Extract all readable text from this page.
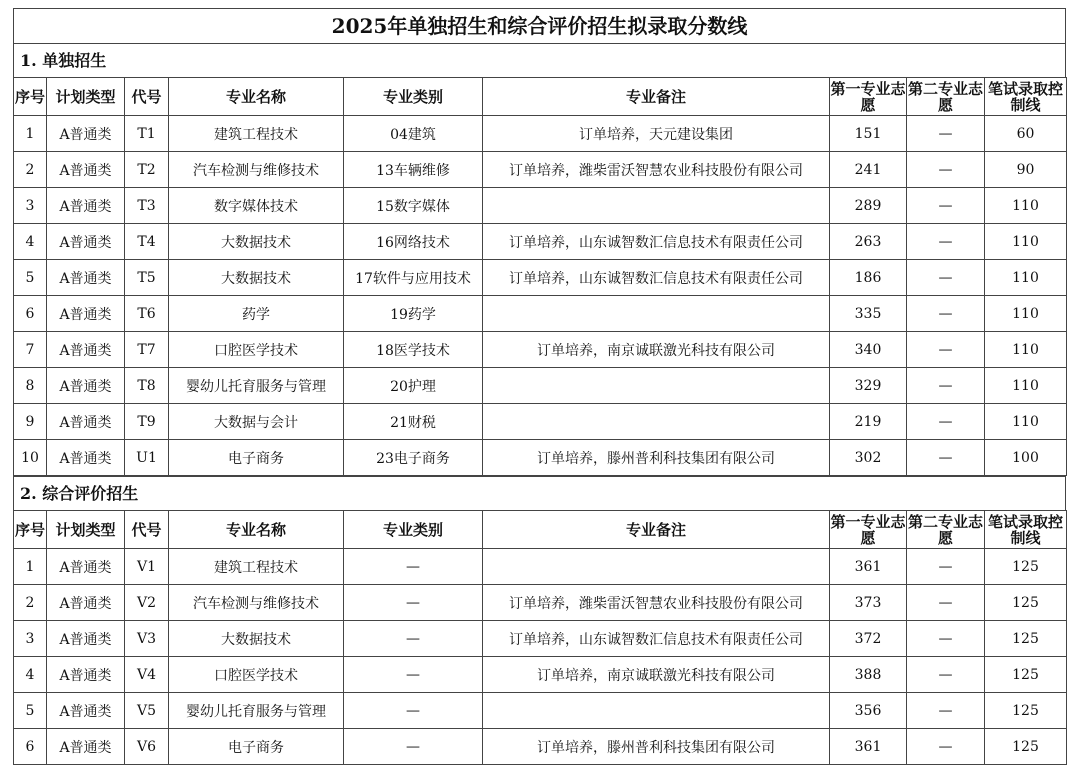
2025年单独招生和综合评价招生拟录取分数线
1. 单独招生
序号	计划类型	代号	专业名称	专业类别	专业备注	第一专业志愿	第二专业志愿	笔试录取控制线
1	A普通类	T1	建筑工程技术	04建筑	订单培养，天元建设集团	151	—	60
2	A普通类	T2	汽车检测与维修技术	13车辆维修	订单培养，潍柴雷沃智慧农业科技股份有限公司	241	—	90
3	A普通类	T3	数字媒体技术	15数字媒体		289	—	110
4	A普通类	T4	大数据技术	16网络技术	订单培养，山东诚智数汇信息技术有限责任公司	263	—	110
5	A普通类	T5	大数据技术	17软件与应用技术	订单培养，山东诚智数汇信息技术有限责任公司	186	—	110
6	A普通类	T6	药学	19药学		335	—	110
7	A普通类	T7	口腔医学技术	18医学技术	订单培养，南京诚联激光科技有限公司	340	—	110
8	A普通类	T8	婴幼儿托育服务与管理	20护理		329	—	110
9	A普通类	T9	大数据与会计	21财税		219	—	110
10	A普通类	U1	电子商务	23电子商务	订单培养，滕州普利科技集团有限公司	302	—	100
2. 综合评价招生
序号	计划类型	代号	专业名称	专业类别	专业备注	第一专业志愿	第二专业志愿	笔试录取控制线
1	A普通类	V1	建筑工程技术	—		361	—	125
2	A普通类	V2	汽车检测与维修技术	—	订单培养，潍柴雷沃智慧农业科技股份有限公司	373	—	125
3	A普通类	V3	大数据技术	—	订单培养，山东诚智数汇信息技术有限责任公司	372	—	125
4	A普通类	V4	口腔医学技术	—	订单培养，南京诚联激光科技有限公司	388	—	125
5	A普通类	V5	婴幼儿托育服务与管理	—		356	—	125
6	A普通类	V6	电子商务	—	订单培养，滕州普利科技集团有限公司	361	—	125
